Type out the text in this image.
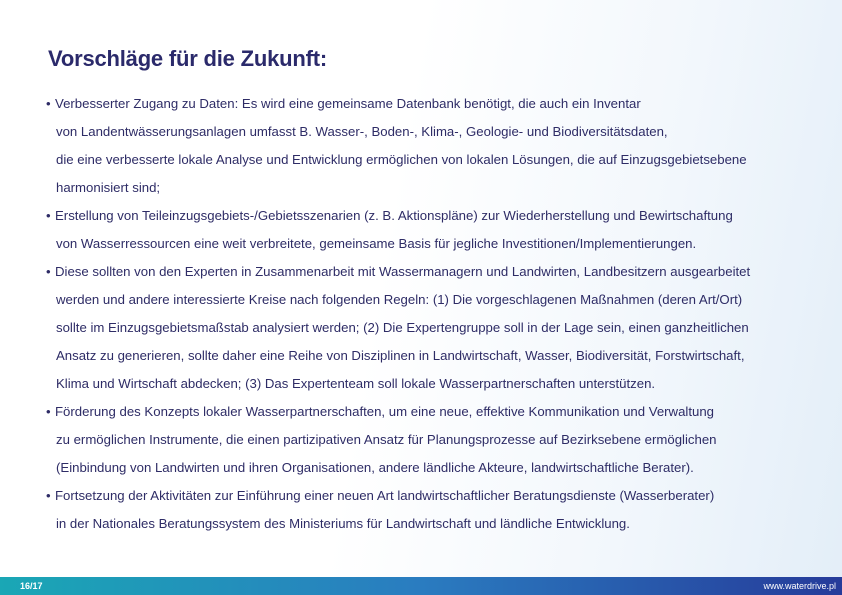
Vorschläge für die Zukunft:
• Verbesserter Zugang zu Daten: Es wird eine gemeinsame Datenbank benötigt, die auch ein Inventar
von Landentwässerungsanlagen umfasst B. Wasser-, Boden-, Klima-, Geologie- und Biodiversitätsdaten,
die eine verbesserte lokale Analyse und Entwicklung ermöglichen von lokalen Lösungen, die auf Einzugsgebietsebene
harmonisiert sind;
• Erstellung von Teileinzugsgebiets-/Gebietsszenarien (z. B. Aktionspläne) zur Wiederherstellung und Bewirtschaftung
von Wasserressourcen eine weit verbreitete, gemeinsame Basis für jegliche Investitionen/Implementierungen.
• Diese sollten von den Experten in Zusammenarbeit mit Wassermanagern und Landwirten, Landbesitzern ausgearbeitet
werden und andere interessierte Kreise nach folgenden Regeln: (1) Die vorgeschlagenen Maßnahmen (deren Art/Ort)
sollte im Einzugsgebietsmaßstab analysiert werden; (2) Die Expertengruppe soll in der Lage sein, einen ganzheitlichen
Ansatz zu generieren, sollte daher eine Reihe von Disziplinen in Landwirtschaft, Wasser, Biodiversität, Forstwirtschaft,
Klima und Wirtschaft abdecken; (3) Das Expertenteam soll lokale Wasserpartnerschaften unterstützen.
• Förderung des Konzepts lokaler Wasserpartnerschaften, um eine neue, effektive Kommunikation und Verwaltung
zu ermöglichen Instrumente, die einen partizipativen Ansatz für Planungsprozesse auf Bezirksebene ermöglichen
(Einbindung von Landwirten und ihren Organisationen, andere ländliche Akteure, landwirtschaftliche Berater).
• Fortsetzung der Aktivitäten zur Einführung einer neuen Art landwirtschaftlicher Beratungsdienste (Wasserberater)
in der Nationales Beratungssystem des Ministeriums für Landwirtschaft und ländliche Entwicklung.
16/17	www.waterdrive.pl
